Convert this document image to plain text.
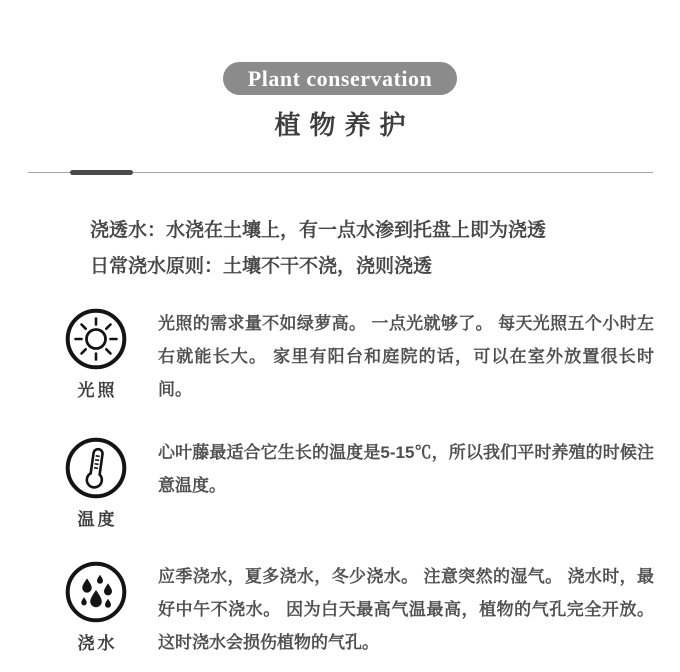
Plant conservation
植物养护
浇透水：水浇在土壤上，有一点水渗到托盘上即为浇透
日常浇水原则：土壤不干不浇，浇则浇透
光照
光照的需求量不如绿萝高。 一点光就够了。 每天光照五个小时左右就能长大。 家里有阳台和庭院的话，可以在室外放置很长时间。
温度
心叶藤最适合它生长的温度是5-15℃，所以我们平时养殖的时候注意温度。
浇水
应季浇水，夏多浇水，冬少浇水。 注意突然的湿气。 浇水时，最好中午不浇水。 因为白天最高气温最高，植物的气孔完全开放。 这时浇水会损伤植物的气孔。
